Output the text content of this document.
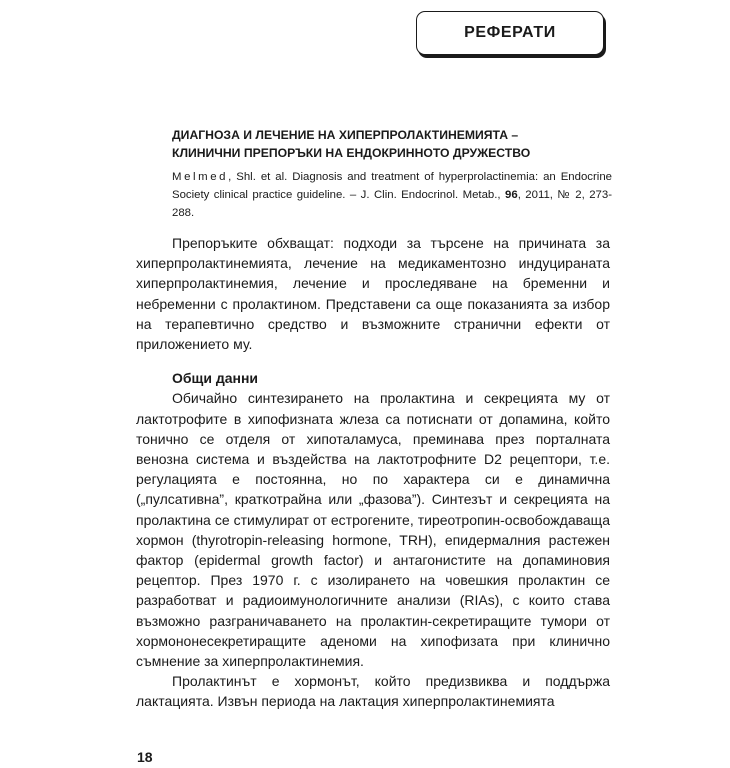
РЕФЕРАТИ
ДИАГНОЗА И ЛЕЧЕНИЕ НА ХИПЕРПРОЛАКТИНЕМИЯТА –
КЛИНИЧНИ ПРЕПОРЪКИ НА ЕНДОКРИННОТО ДРУЖЕСТВО

Melmed, Shl. et al. Diagnosis and treatment of hyperprolactinemia: an Endocrine Society clinical practice guideline. – J. Clin. Endocrinol. Metab., 96, 2011, № 2, 273-288.

Препоръките обхващат: подходи за търсене на причината за хиперпролактинемията, лечение на медикаментозно индуцираната хиперпролактинемия, лечение и проследяване на бременни и небременни с пролактином. Представени са още показанията за избор на терапевтично средство и възможните странични ефекти от приложението му.

Общи данни

Обичайно синтезирането на пролактина и секрецията му от лактотрофите в хипофизната жлеза са потиснати от допамина, който тонично се отделя от хипоталамуса, преминава през порталната венозна система и въздейства на лактотрофните D2 рецептори, т.е. регулацията е постоянна, но по характера си е динамична („пулсативна”, краткотрайна или „фазова”). Синтезът и секрецията на пролактина се стимулират от естрогените, тиреотропин-освобождаваща хормон (thyrotropin-releasing hormone, TRH), епидермалния растежен фактор (epidermal growth factor) и антагонистите на допаминовия рецептор. През 1970 г. с изолирането на човешкия пролактин се разработват и радиоимунологичните анализи (RIAs), с които става възможно разграничаването на пролактин-секретиращите тумори от хормононесекретиращите аденоми на хипофизата при клинично съмнение за хиперпролактинемия.

Пролактинът е хормонът, който предизвиква и поддържа лактацията. Извън периода на лактация хиперпролактинемията

18
